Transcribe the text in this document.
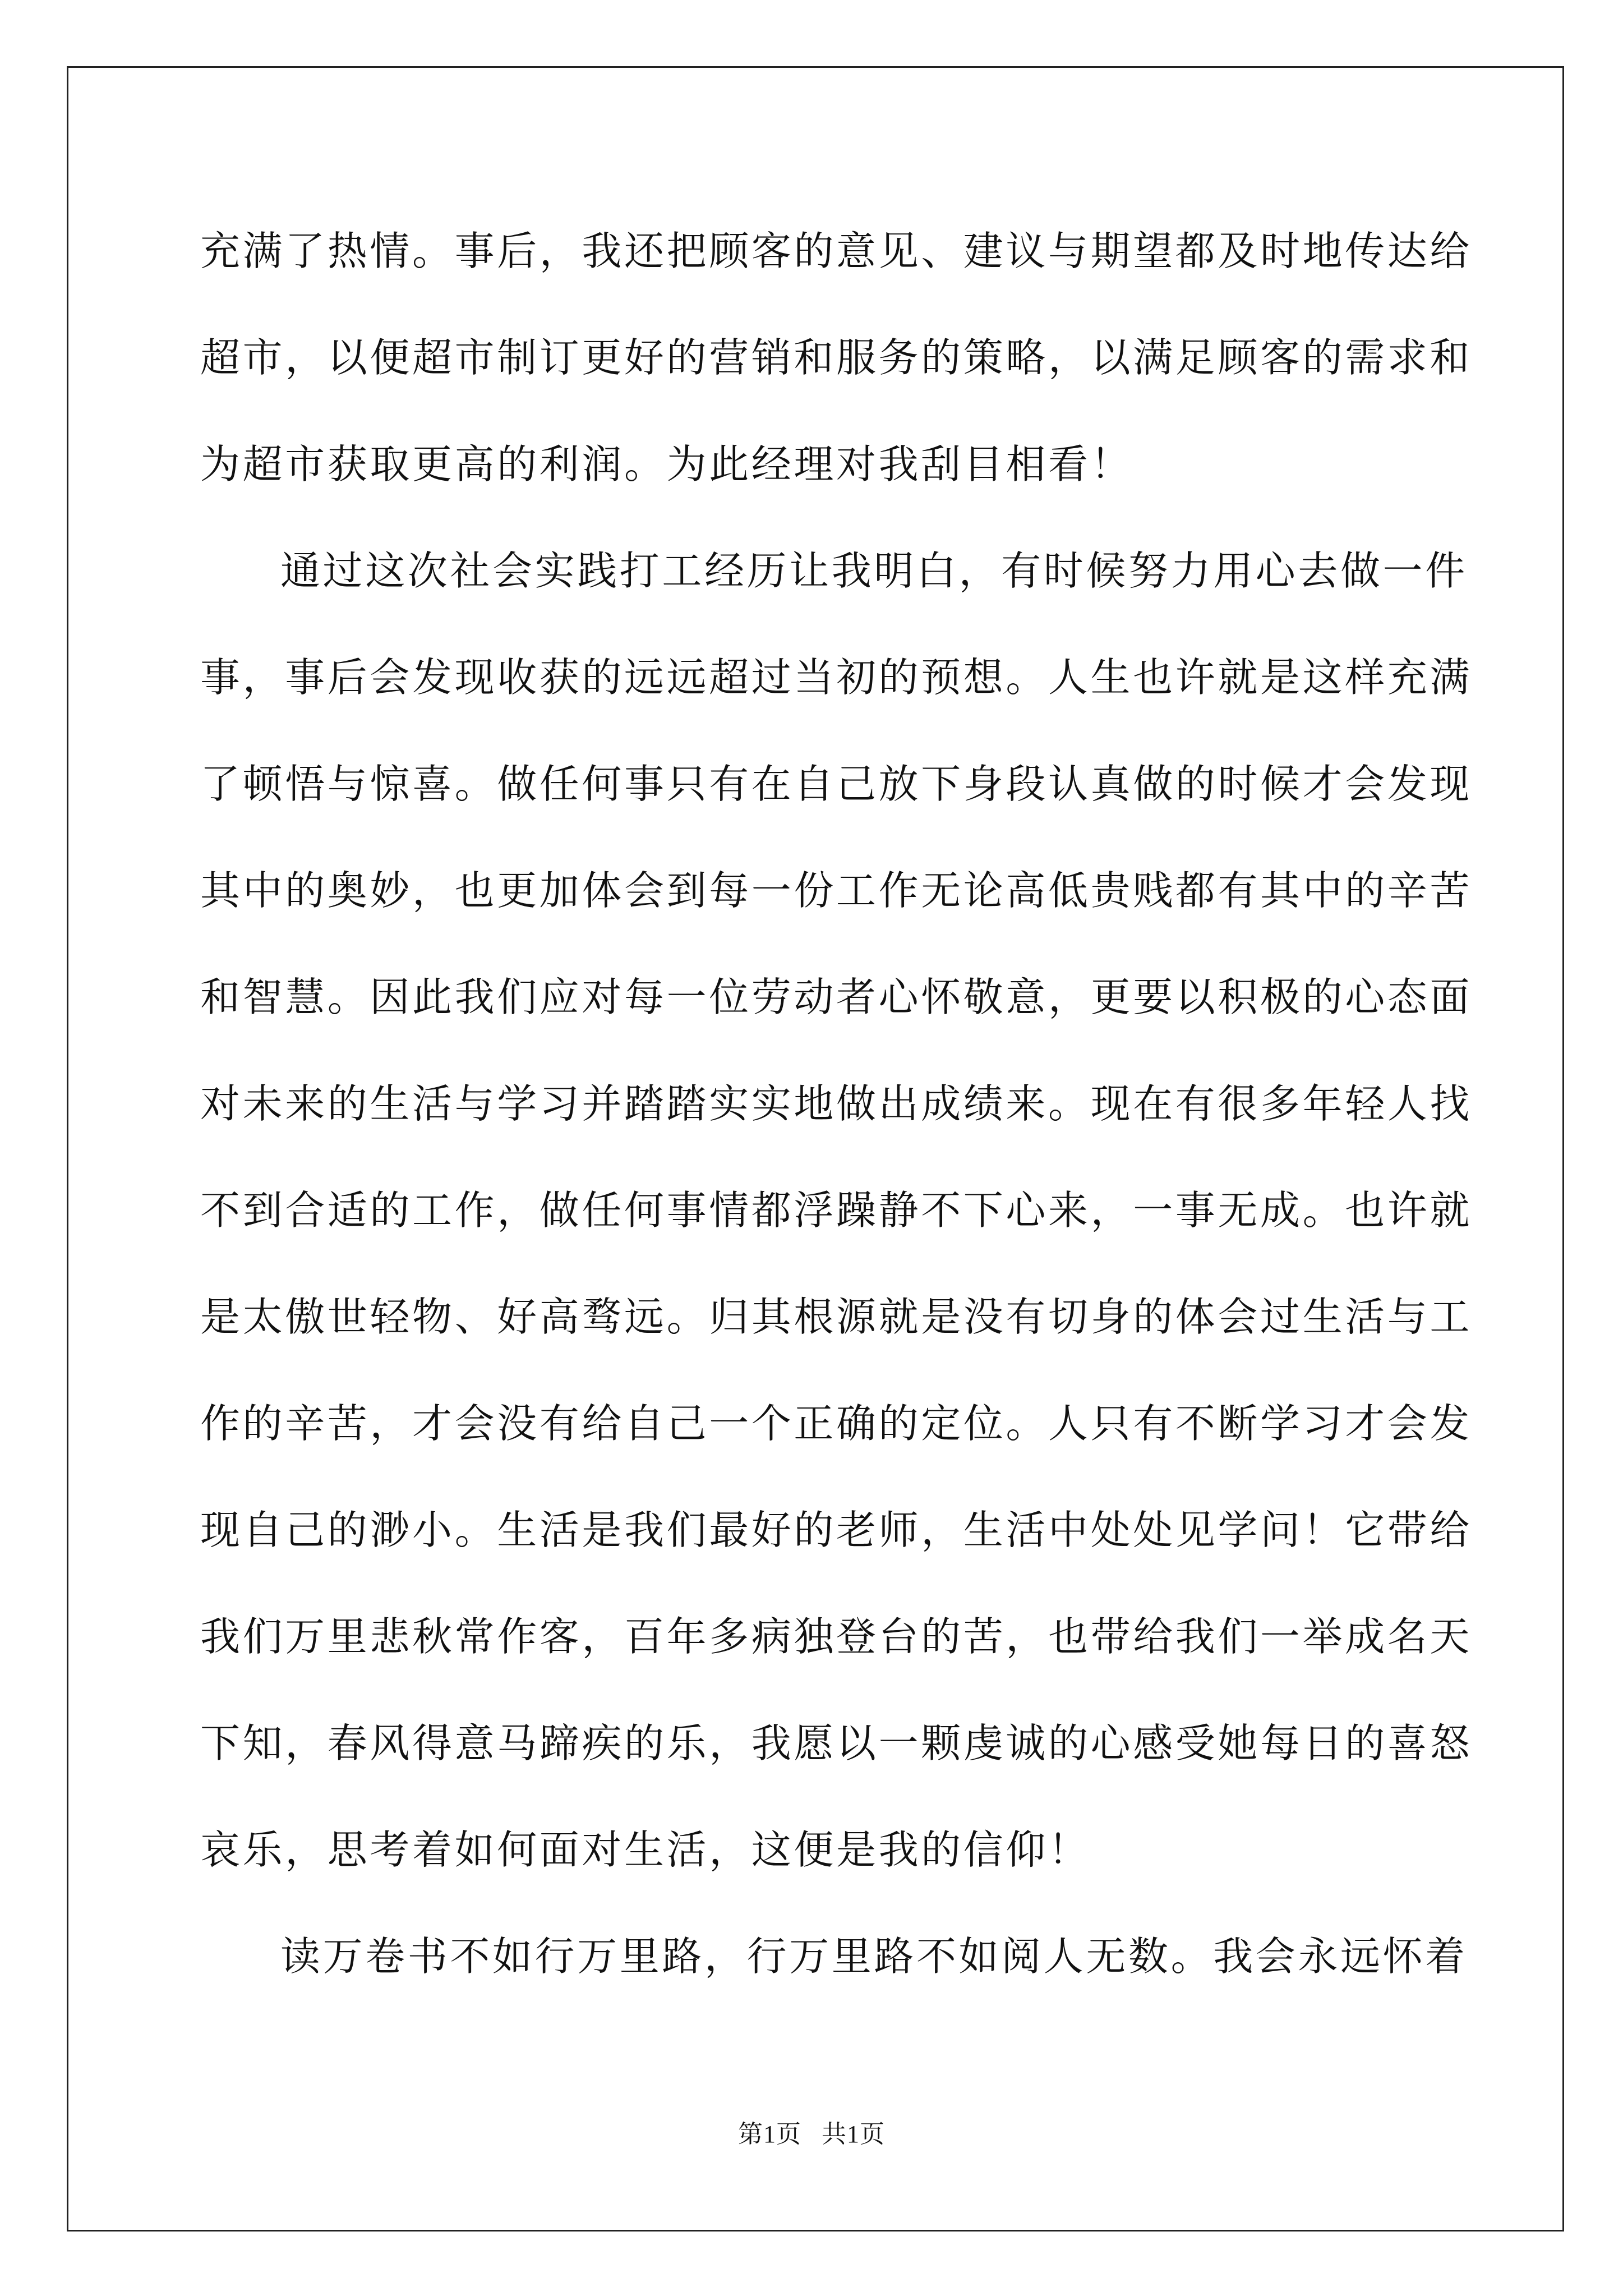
充满了热情。事后，我还把顾客的意见、建议与期望都及时地传达给
超市，以便超市制订更好的营销和服务的策略，以满足顾客的需求和
为超市获取更高的利润。为此经理对我刮目相看！
通过这次社会实践打工经历让我明白，有时候努力用心去做一件
事，事后会发现收获的远远超过当初的预想。人生也许就是这样充满
了顿悟与惊喜。做任何事只有在自己放下身段认真做的时候才会发现
其中的奥妙，也更加体会到每一份工作无论高低贵贱都有其中的辛苦
和智慧。因此我们应对每一位劳动者心怀敬意，更要以积极的心态面
对未来的生活与学习并踏踏实实地做出成绩来。现在有很多年轻人找
不到合适的工作，做任何事情都浮躁静不下心来，一事无成。也许就
是太傲世轻物、好高骛远。归其根源就是没有切身的体会过生活与工
作的辛苦，才会没有给自己一个正确的定位。人只有不断学习才会发
现自己的渺小。生活是我们最好的老师，生活中处处见学问！它带给
我们万里悲秋常作客，百年多病独登台的苦，也带给我们一举成名天
下知，春风得意马蹄疾的乐，我愿以一颗虔诚的心感受她每日的喜怒
哀乐，思考着如何面对生活，这便是我的信仰！
读万卷书不如行万里路，行万里路不如阅人无数。我会永远怀着
第1页   共1页
